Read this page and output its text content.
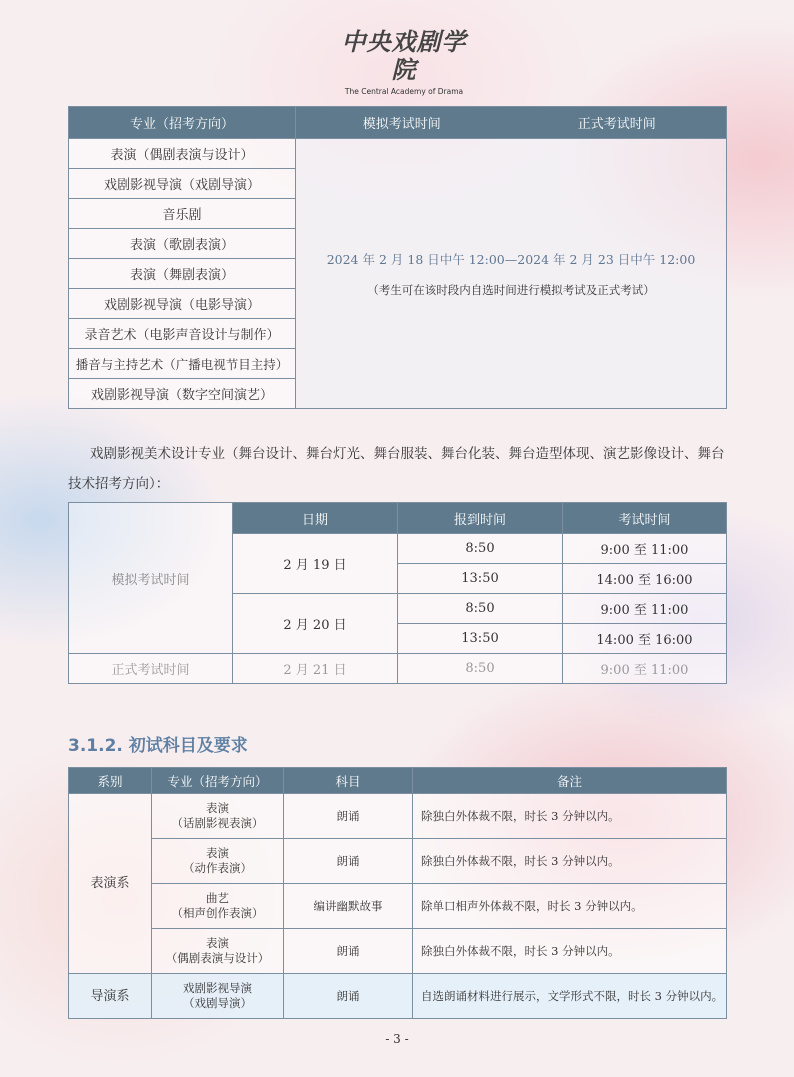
中央戏剧学院
The Central Academy of Drama
专业（招考方向）	模拟考试时间	正式考试时间
表演（偶剧表演与设计）	2024 年 2 月 18 日中午 12:00—2024 年 2 月 23 日中午 12:00
（考生可在该时段内自选时间进行模拟考试及正式考试）	

戏剧影视导演（戏剧导演）		
音乐剧		
表演（歌剧表演）		
表演（舞剧表演）		
戏剧影视导演（电影导演）		
录音艺术（电影声音设计与制作）		
播音与主持艺术（广播电视节目主持）		
戏剧影视导演（数字空间演艺）		
戏剧影视美术设计专业（舞台设计、舞台灯光、舞台服装、舞台化装、舞台造型体现、演艺影像设计、舞台技术招考方向）：
模拟考试时间	日期	报到时间	考试时间
	2 月 19 日	8:50	9:00 至 11:00
		13:50	14:00 至 16:00
	2 月 20 日	8:50	9:00 至 11:00
		13:50	14:00 至 16:00
正式考试时间	2 月 21 日	8:50	9:00 至 11:00
3.1.2. 初试科目及要求
系别	专业（招考方向）	科目	备注
表演系	表演
（话剧影视表演）	朗诵	除独白外体裁不限，时长 3 分钟以内。

	表演
（动作表演）	朗诵	除独白外体裁不限，时长 3 分钟以内。

	曲艺
（相声创作表演）	编讲幽默故事	除单口相声外体裁不限，时长 3 分钟以内。

	表演
（偶剧表演与设计）	朗诵	除独白外体裁不限，时长 3 分钟以内。
导演系	戏剧影视导演
（戏剧导演）	朗诵	自选朗诵材料进行展示，文学形式不限，时长 3 分钟以内。
- 3 -
